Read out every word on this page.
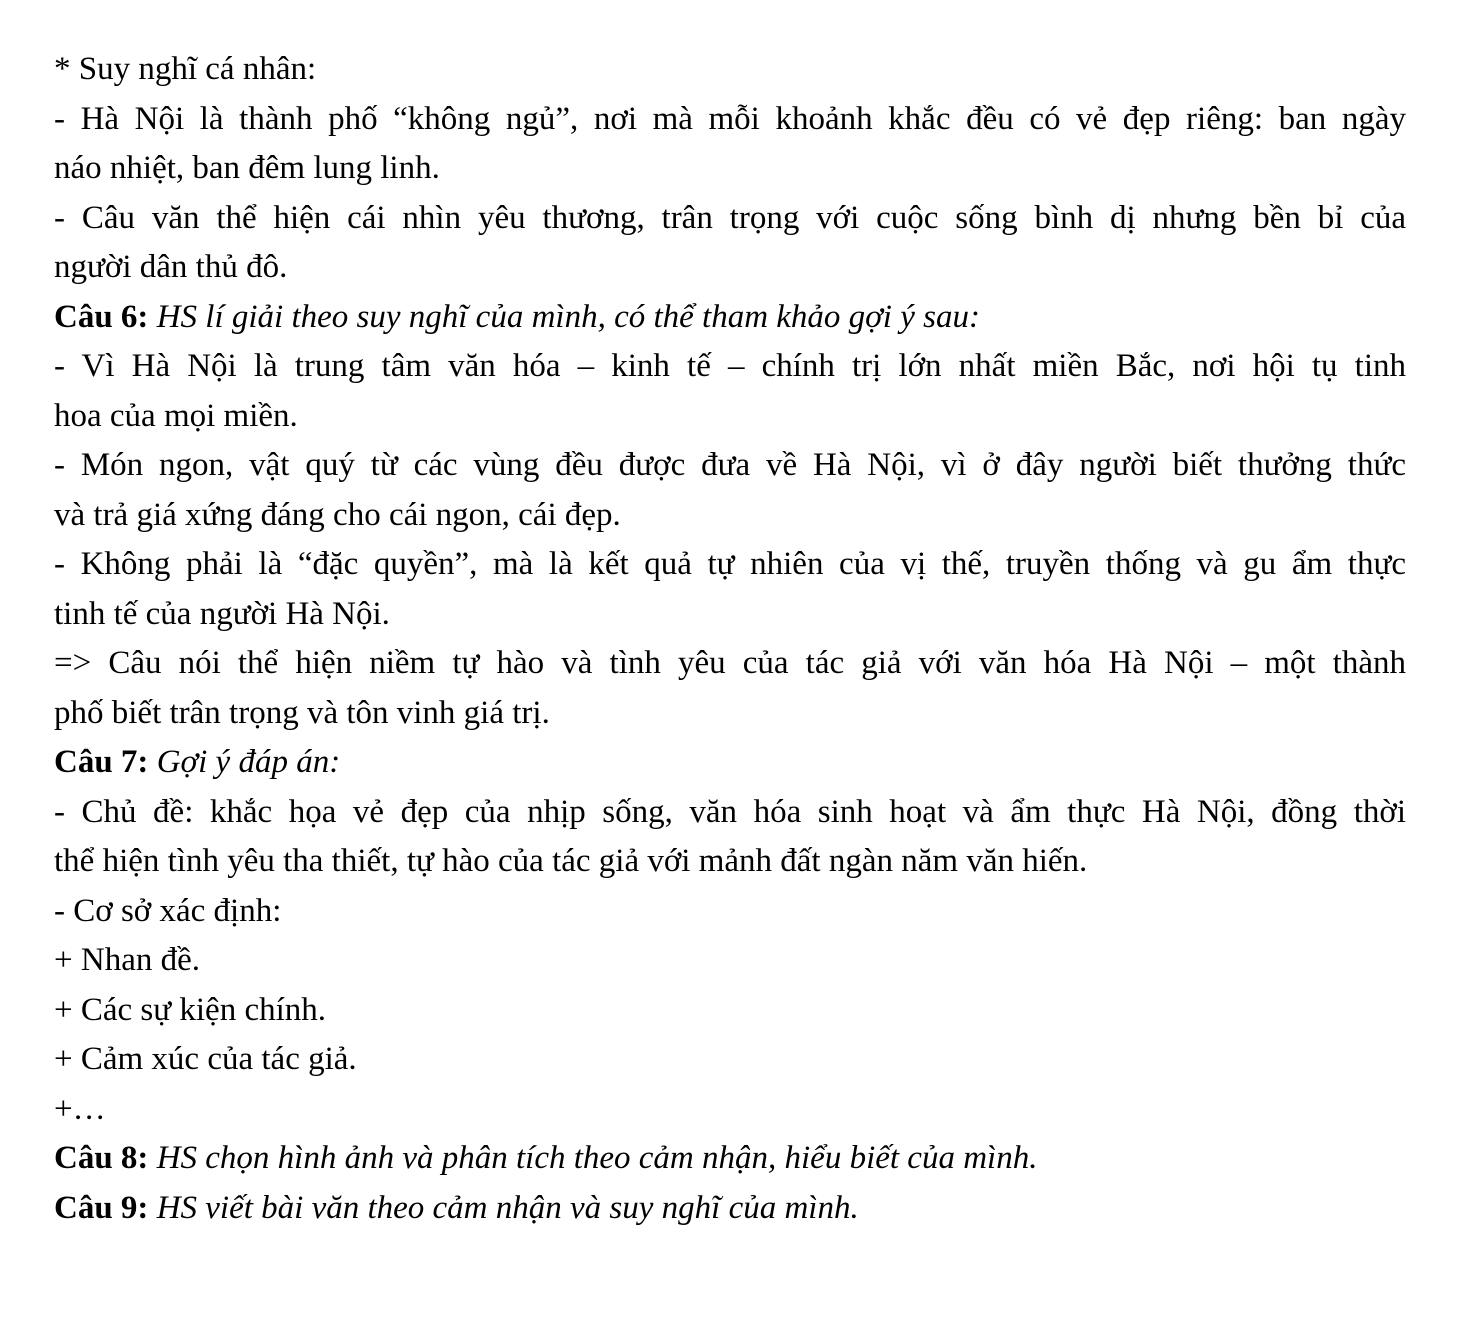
* Suy nghĩ cá nhân:
- Hà Nội là thành phố “không ngủ”, nơi mà mỗi khoảnh khắc đều có vẻ đẹp riêng: ban ngày
náo nhiệt, ban đêm lung linh.
- Câu văn thể hiện cái nhìn yêu thương, trân trọng với cuộc sống bình dị nhưng bền bỉ của
người dân thủ đô.
Câu 6: HS lí giải theo suy nghĩ của mình, có thể tham khảo gợi ý sau:
- Vì Hà Nội là trung tâm văn hóa – kinh tế – chính trị lớn nhất miền Bắc, nơi hội tụ tinh
hoa của mọi miền.
- Món ngon, vật quý từ các vùng đều được đưa về Hà Nội, vì ở đây người biết thưởng thức
và trả giá xứng đáng cho cái ngon, cái đẹp.
- Không phải là “đặc quyền”, mà là kết quả tự nhiên của vị thế, truyền thống và gu ẩm thực
tinh tế của người Hà Nội.
=> Câu nói thể hiện niềm tự hào và tình yêu của tác giả với văn hóa Hà Nội – một thành
phố biết trân trọng và tôn vinh giá trị.
Câu 7: Gợi ý đáp án:
- Chủ đề: khắc họa vẻ đẹp của nhịp sống, văn hóa sinh hoạt và ẩm thực Hà Nội, đồng thời
thể hiện tình yêu tha thiết, tự hào của tác giả với mảnh đất ngàn năm văn hiến.
- Cơ sở xác định:
+ Nhan đề.
+ Các sự kiện chính.
+ Cảm xúc của tác giả.
+…
Câu 8: HS chọn hình ảnh và phân tích theo cảm nhận, hiểu biết của mình.
Câu 9: HS viết bài văn theo cảm nhận và suy nghĩ của mình.
